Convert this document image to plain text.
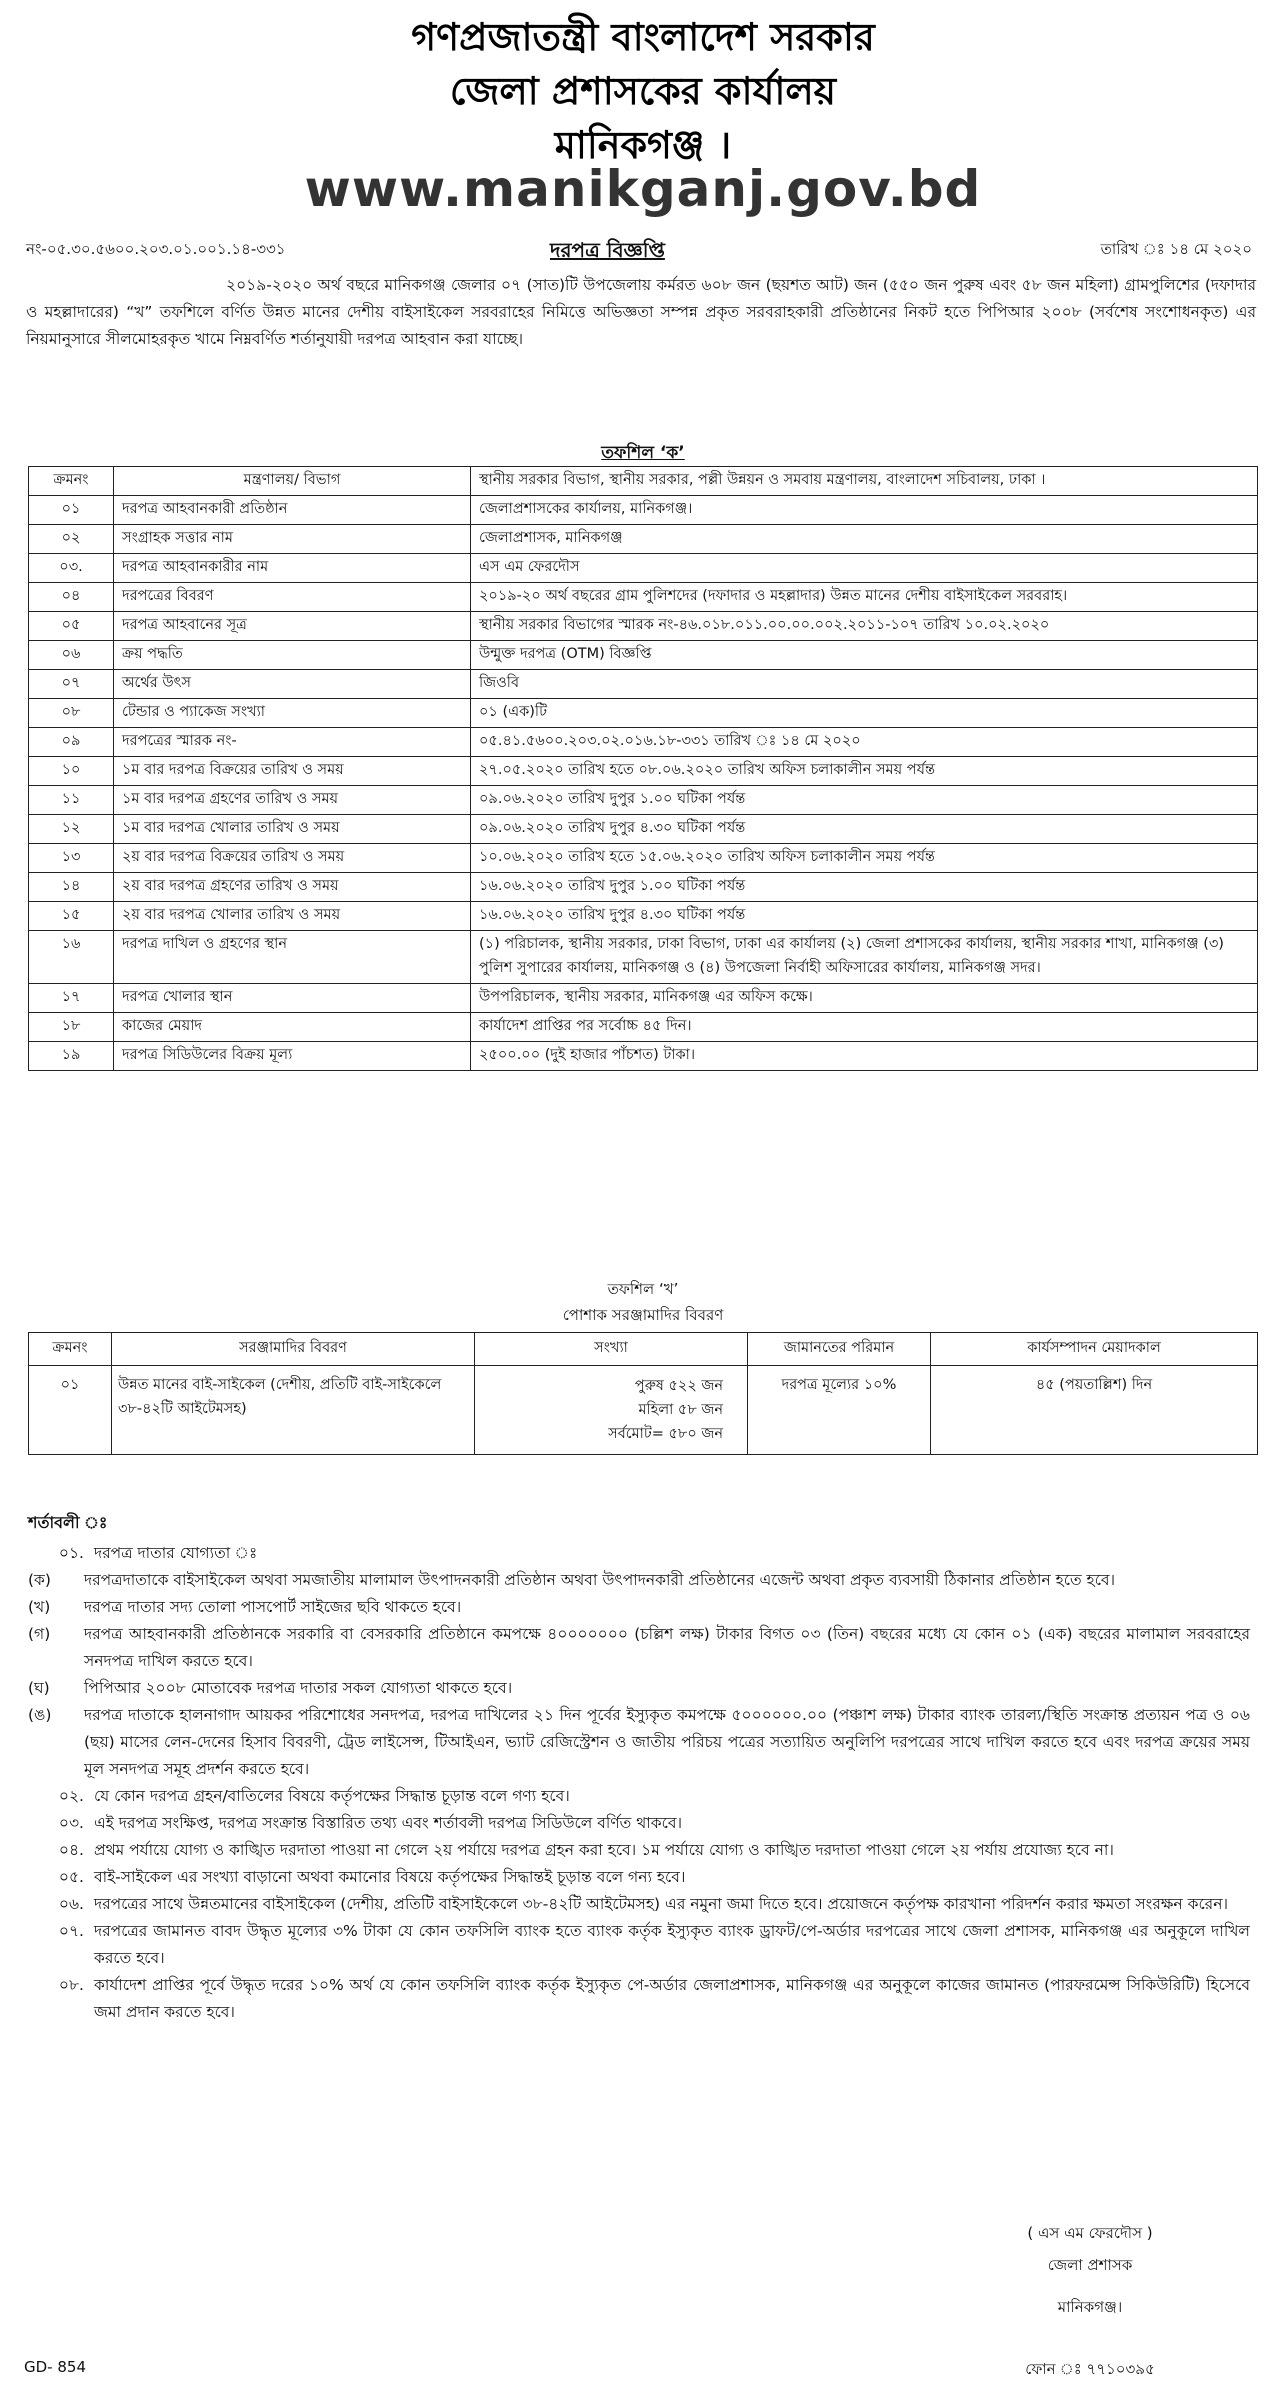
গণপ্রজাতন্ত্রী বাংলাদেশ সরকার
জেলা প্রশাসকের কার্যালয়
মানিকগঞ্জ ।
www.manikganj.gov.bd
নং-০৫.৩০.৫৬০০.২০৩.০১.০০১.১৪-৩৩১	দরপত্র বিজ্ঞপ্তি	তারিখ ঃ ১৪ মে ২০২০
২০১৯-২০২০ অর্থ বছরে মানিকগঞ্জ জেলার ০৭ (সাত)টি উপজেলায় কর্মরত ৬০৮ জন (ছয়শত আট) জন (৫৫০ জন পুরুষ এবং ৫৮ জন মহিলা) গ্রামপুলিশের (দফাদার ও মহল্লাদারের) “খ” তফশিলে বর্ণিত উন্নত মানের দেশীয় বাইসাইকেল সরবরাহের নিমিত্তে অভিজ্ঞতা সম্পন্ন প্রকৃত সরবরাহকারী প্রতিষ্ঠানের নিকট হতে পিপিআর ২০০৮ (সর্বশেষ সংশোধনকৃত) এর নিয়মানুসারে সীলমোহরকৃত খামে নিম্নবর্ণিত শর্তানুযায়ী দরপত্র আহবান করা যাচ্ছে।
তফশিল ‘ক’
ক্রমনং	মন্ত্রণালয়/ বিভাগ	স্থানীয় সরকার বিভাগ, স্থানীয় সরকার, পল্লী উন্নয়ন ও সমবায় মন্ত্রণালয়, বাংলাদেশ সচিবালয়, ঢাকা ।
০১	দরপত্র আহবানকারী প্রতিষ্ঠান	জেলাপ্রশাসকের কার্যালয়, মানিকগঞ্জ।
০২	সংগ্রাহক সত্তার নাম	জেলাপ্রশাসক, মানিকগঞ্জ
০৩.	দরপত্র আহবানকারীর নাম	এস এম ফেরদৌস
০৪	দরপত্রের বিবরণ	২০১৯-২০ অর্থ বছরের গ্রাম পুলিশদের (দফাদার ও মহল্লাদার) উন্নত মানের দেশীয় বাইসাইকেল সরবরাহ।
০৫	দরপত্র আহবানের সূত্র	স্থানীয় সরকার বিভাগের স্মারক নং-৪৬.০১৮.০১১.০০.০০.০০২.২০১১-১০৭ তারিখ ১০.০২.২০২০
০৬	ক্রয় পদ্ধতি	উন্মুক্ত দরপত্র (OTM) বিজ্ঞপ্তি
০৭	অর্থের উৎস	জিওবি
০৮	টেন্ডার ও প্যাকেজ সংখ্যা	০১ (এক)টি
০৯	দরপত্রের স্মারক নং-	০৫.৪১.৫৬০০.২০৩.০২.০১৬.১৮-৩৩১ তারিখ ঃ ১৪ মে ২০২০
১০	১ম বার দরপত্র বিক্রয়ের তারিখ ও সময়	২৭.০৫.২০২০ তারিখ হতে ০৮.০৬.২০২০ তারিখ অফিস চলাকালীন সময় পর্যন্ত
১১	১ম বার দরপত্র গ্রহণের তারিখ ও সময়	০৯.০৬.২০২০ তারিখ দুপুর ১.০০ ঘটিকা পর্যন্ত
১২	১ম বার দরপত্র খোলার তারিখ ও সময়	০৯.০৬.২০২০ তারিখ দুপুর ৪.৩০ ঘটিকা পর্যন্ত
১৩	২য় বার দরপত্র বিক্রয়ের তারিখ ও সময়	১০.০৬.২০২০ তারিখ হতে ১৫.০৬.২০২০ তারিখ অফিস চলাকালীন সময় পর্যন্ত
১৪	২য় বার দরপত্র গ্রহণের তারিখ ও সময়	১৬.০৬.২০২০ তারিখ দুপুর ১.০০ ঘটিকা পর্যন্ত
১৫	২য় বার দরপত্র খোলার তারিখ ও সময়	১৬.০৬.২০২০ তারিখ দুপুর ৪.৩০ ঘটিকা পর্যন্ত
১৬	দরপত্র দাখিল ও গ্রহণের স্থান	(১) পরিচালক, স্থানীয় সরকার, ঢাকা বিভাগ, ঢাকা এর কার্যালয় (২) জেলা প্রশাসকের কার্যালয়, স্থানীয় সরকার শাখা, মানিকগঞ্জ (৩) পুলিশ সুপারের কার্যালয়, মানিকগঞ্জ ও (৪) উপজেলা নির্বাহী অফিসারের কার্যালয়, মানিকগঞ্জ সদর।
১৭	দরপত্র খোলার স্থান	উপপরিচালক, স্থানীয় সরকার, মানিকগঞ্জ এর অফিস কক্ষে।
১৮	কাজের মেয়াদ	কার্যাদেশ প্রাপ্তির পর সর্বোচ্চ ৪৫ দিন।
১৯	দরপত্র সিডিউলের বিক্রয় মূল্য	২৫০০.০০ (দুই হাজার পাঁচশত) টাকা।
তফশিল ‘খ’
পোশাক সরঞ্জামাদির বিবরণ
ক্রমনং	সরঞ্জামাদির বিবরণ	সংখ্যা	জামানতের পরিমান	কার্যসম্পাদন মেয়াদকাল
০১	উন্নত মানের বাই-সাইকেল (দেশীয়, প্রতিটি বাই-সাইকেলে ৩৮-৪২টি আইটেমসহ)	পুরুষ ৫২২ জন
মহিলা ৫৮ জন
সর্বমোট= ৫৮০ জন	দরপত্র মূল্যের ১০%	৪৫ (পয়তাল্লিশ) দিন
শর্তাবলী ঃ
০১. দরপত্র দাতার যোগ্যতা ঃ
(ক)	দরপত্রদাতাকে বাইসাইকেল অথবা সমজাতীয় মালামাল উৎপাদনকারী প্রতিষ্ঠান অথবা উৎপাদনকারী প্রতিষ্ঠানের এজেন্ট অথবা প্রকৃত ব্যবসায়ী ঠিকানার প্রতিষ্ঠান হতে হবে।
(খ)	দরপত্র দাতার সদ্য তোলা পাসপোর্ট সাইজের ছবি থাকতে হবে।
(গ)	দরপত্র আহবানকারী প্রতিষ্ঠানকে সরকারি বা বেসরকারি প্রতিষ্ঠানে কমপক্ষে ৪০০০০০০০ (চল্লিশ লক্ষ) টাকার বিগত ০৩ (তিন) বছরের মধ্যে যে কোন ০১ (এক) বছরের মালামাল সরবরাহের সনদপত্র দাখিল করতে হবে।
(ঘ)	পিপিআর ২০০৮ মোতাবেক দরপত্র দাতার সকল যোগ্যতা থাকতে হবে।
(ঙ)	দরপত্র দাতাকে হালনাগাদ আয়কর পরিশোধের সনদপত্র, দরপত্র দাখিলের ২১ দিন পূর্বের ইস্যুকৃত কমপক্ষে ৫০০০০০০.০০ (পঞ্চাশ লক্ষ) টাকার ব্যাংক তারল্য/স্থিতি সংক্রান্ত প্রত্যয়ন পত্র ও ০৬ (ছয়) মাসের লেন-দেনের হিসাব বিবরণী, ট্রেড লাইসেন্স, টিআইএন, ভ্যাট রেজিস্ট্রেশন ও জাতীয় পরিচয় পত্রের সত্যায়িত অনুলিপি দরপত্রের সাথে দাখিল করতে হবে এবং দরপত্র ক্রয়ের সময় মূল সনদপত্র সমূহ প্রদর্শন করতে হবে।
০২. যে কোন দরপত্র গ্রহন/বাতিলের বিষয়ে কর্তৃপক্ষের সিদ্ধান্ত চূড়ান্ত বলে গণ্য হবে।
০৩. এই দরপত্র সংক্ষিপ্ত, দরপত্র সংক্রান্ত বিস্তারিত তথ্য এবং শর্তাবলী দরপত্র সিডিউলে বর্ণিত থাকবে।
০৪. প্রথম পর্যায়ে যোগ্য ও কাঙ্খিত দরদাতা পাওয়া না গেলে ২য় পর্যায়ে দরপত্র গ্রহন করা হবে। ১ম পর্যায়ে যোগ্য ও কাঙ্খিত দরদাতা পাওয়া গেলে ২য় পর্যায় প্রযোজ্য হবে না।
০৫. বাই-সাইকেল এর সংখ্যা বাড়ানো অথবা কমানোর বিষয়ে কর্তৃপক্ষের সিদ্ধান্তই চূড়ান্ত বলে গন্য হবে।
০৬. দরপত্রের সাথে উন্নতমানের বাইসাইকেল (দেশীয়, প্রতিটি বাইসাইকেলে ৩৮-৪২টি আইটেমসহ) এর নমুনা জমা দিতে হবে। প্রয়োজনে কর্তৃপক্ষ কারখানা পরিদর্শন করার ক্ষমতা সংরক্ষন করেন।
০৭. দরপত্রের জামানত বাবদ উদ্ধৃত মূল্যের ৩% টাকা যে কোন তফসিলি ব্যাংক হতে ব্যাংক কর্তৃক ইস্যুকৃত ব্যাংক ড্রাফট/পে-অর্ডার দরপত্রের সাথে জেলা প্রশাসক, মানিকগঞ্জ এর অনুকূলে দাখিল করতে হবে।
০৮. কার্যাদেশ প্রাপ্তির পূর্বে উদ্ধৃত দরের ১০% অর্থ যে কোন তফসিলি ব্যাংক কর্তৃক ইস্যুকৃত পে-অর্ডার জেলাপ্রশাসক, মানিকগঞ্জ এর অনুকূলে কাজের জামানত (পারফরমেন্স সিকিউরিটি) হিসেবে জমা প্রদান করতে হবে।
( এস এম ফেরদৌস )
জেলা প্রশাসক
মানিকগঞ্জ।
ফোন ঃ ৭৭১০৩৯৫
GD- 854
